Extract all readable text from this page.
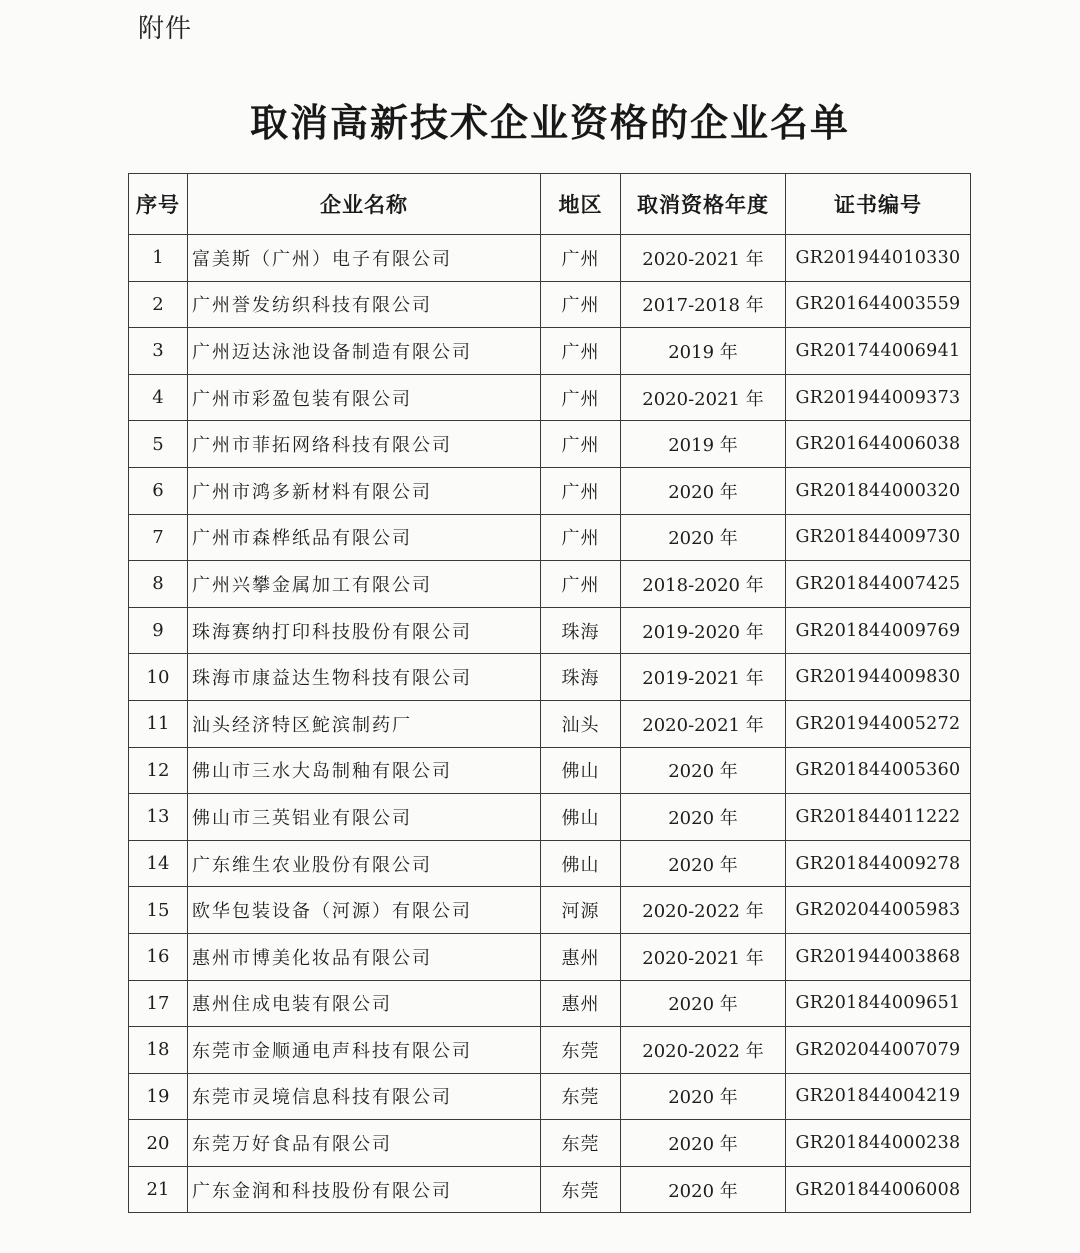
附件
取消高新技术企业资格的企业名单
序号	企业名称	地区	取消资格年度	证书编号
1	富美斯（广州）电子有限公司	广州	2020-2021 年	GR201944010330
2	广州誉发纺织科技有限公司	广州	2017-2018 年	GR201644003559
3	广州迈达泳池设备制造有限公司	广州	2019 年	GR201744006941
4	广州市彩盈包装有限公司	广州	2020-2021 年	GR201944009373
5	广州市菲拓网络科技有限公司	广州	2019 年	GR201644006038
6	广州市鸿多新材料有限公司	广州	2020 年	GR201844000320
7	广州市森桦纸品有限公司	广州	2020 年	GR201844009730
8	广州兴攀金属加工有限公司	广州	2018-2020 年	GR201844007425
9	珠海赛纳打印科技股份有限公司	珠海	2019-2020 年	GR201844009769
10	珠海市康益达生物科技有限公司	珠海	2019-2021 年	GR201944009830
11	汕头经济特区鮀滨制药厂	汕头	2020-2021 年	GR201944005272
12	佛山市三水大岛制釉有限公司	佛山	2020 年	GR201844005360
13	佛山市三英铝业有限公司	佛山	2020 年	GR201844011222
14	广东维生农业股份有限公司	佛山	2020 年	GR201844009278
15	欧华包装设备（河源）有限公司	河源	2020-2022 年	GR202044005983
16	惠州市博美化妆品有限公司	惠州	2020-2021 年	GR201944003868
17	惠州住成电装有限公司	惠州	2020 年	GR201844009651
18	东莞市金顺通电声科技有限公司	东莞	2020-2022 年	GR202044007079
19	东莞市灵境信息科技有限公司	东莞	2020 年	GR201844004219
20	东莞万好食品有限公司	东莞	2020 年	GR201844000238
21	广东金润和科技股份有限公司	东莞	2020 年	GR201844006008
